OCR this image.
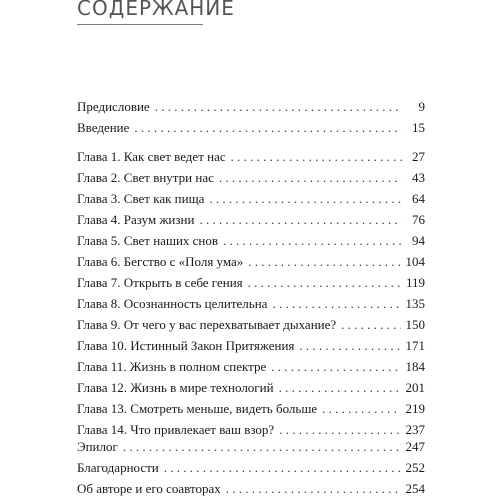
СОДЕРЖАНИЕ
Предисловие . . .	9
Введение . . .	15
Глава 1. Как свет ведет нас . . .	27
Глава 2. Свет внутри нас . . .	43
Глава 3. Свет как пища . . .	64
Глава 4. Разум жизни . . .	76
Глава 5. Свет наших снов . . .	94
Глава 6. Бегство с «Поля ума» . . .	104
Глава 7. Открыть в себе гения . . .	119
Глава 8. Осознанность целительна . . .	135
Глава 9. От чего у вас перехватывает дыхание? . . .	150
Глава 10. Истинный Закон Притяжения . . .	171
Глава 11. Жизнь в полном спектре . . .	184
Глава 12. Жизнь в мире технологий . . .	201
Глава 13. Смотреть меньше, видеть больше . . .	219
Глава 14. Что привлекает ваш взор? . . .	237
Эпилог . . .	247
Благодарности . . .	252
Об авторе и его соавторах . . .	254
